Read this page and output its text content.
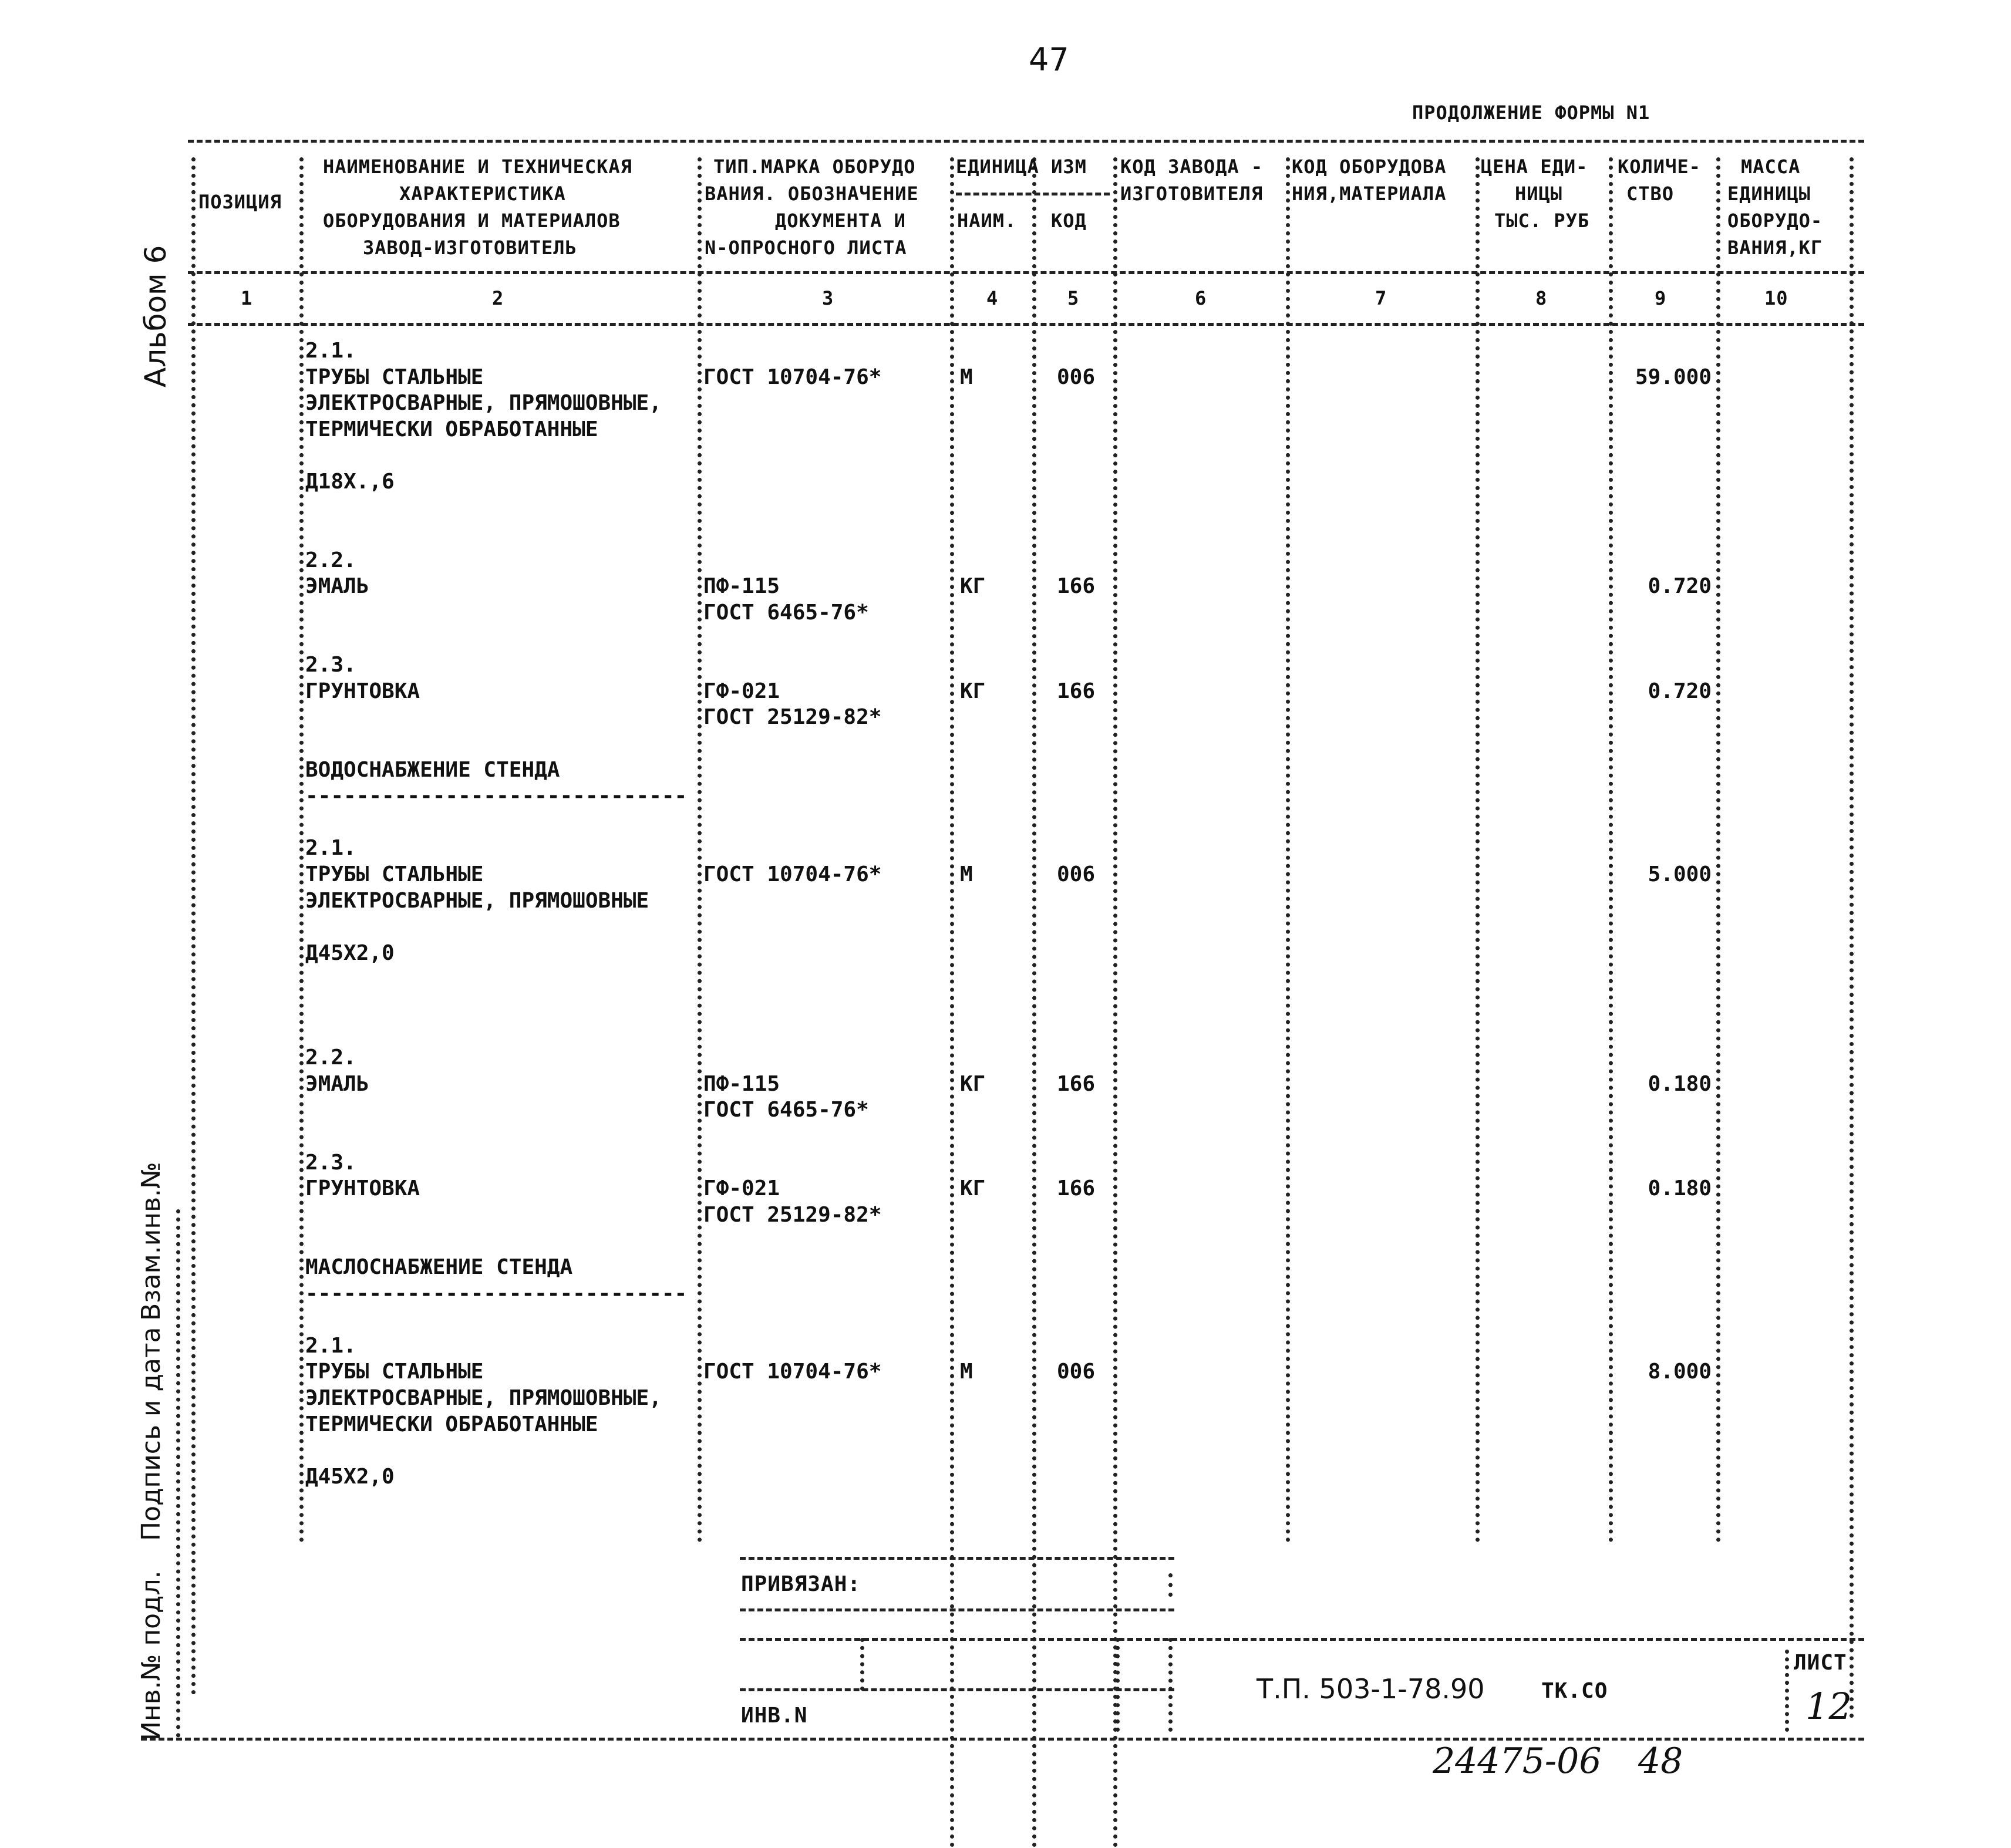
47
ПРОДОЛЖЕНИЕ ФОРМЫ N1
Альбом 6
Инв.№ подл.
Подпись и дата
Взам.инв.№
ПОЗИЦИЯ
НАИМЕНОВАНИЕ И ТЕХНИЧЕСКАЯ
ХАРАКТЕРИСТИКА
ОБОРУДОВАНИЯ И МАТЕРИАЛОВ
ЗАВОД-ИЗГОТОВИТЕЛЬ
ТИП.МАРКА ОБОРУДО
ВАНИЯ. ОБОЗНАЧЕНИЕ
ДОКУМЕНТА И
N-ОПРОСНОГО ЛИСТА
ЕДИНИЦА ИЗМ
НАИМ. КОД
КОД ЗАВОДА -
ИЗГОТОВИТЕЛЯ
КОД ОБОРУДОВА
НИЯ,МАТЕРИАЛА
ЦЕНА ЕДИ-
НИЦЫ
ТЫС. РУБ
КОЛИЧЕ-
СТВО
МАССА
ЕДИНИЦЫ
ОБОРУДО-
ВАНИЯ,КГ
1	2	3	4	5	6	7	8	9	10
2.1.
ТРУБЫ СТАЛЬНЫЕ	ГОСТ 10704-76*	М	006	59.000
ЭЛЕКТРОСВАРНЫЕ, ПРЯМОШОВНЫЕ,
ТЕРМИЧЕСКИ ОБРАБОТАННЫЕ
Д18Х.,6
2.2.
ЭМАЛЬ	ПФ-115	КГ	166	0.720
ГОСТ 6465-76*
2.3.
ГРУНТОВКА	ГФ-021	КГ	166	0.720
ГОСТ 25129-82*
ВОДОСНАБЖЕНИЕ СТЕНДА
------------------------------
2.1.
ТРУБЫ СТАЛЬНЫЕ	ГОСТ 10704-76*	М	006	5.000
ЭЛЕКТРОСВАРНЫЕ, ПРЯМОШОВНЫЕ
Д45Х2,0
2.2.
ЭМАЛЬ	ПФ-115	КГ	166	0.180
ГОСТ 6465-76*
2.3.
ГРУНТОВКА	ГФ-021	КГ	166	0.180
ГОСТ 25129-82*
МАСЛОСНАБЖЕНИЕ СТЕНДА
------------------------------
2.1.
ТРУБЫ СТАЛЬНЫЕ	ГОСТ 10704-76*	М	006	8.000
ЭЛЕКТРОСВАРНЫЕ, ПРЯМОШОВНЫЕ,
ТЕРМИЧЕСКИ ОБРАБОТАННЫЕ
Д45Х2,0
ПРИВЯЗАН:
ИНВ.N
Т.П. 503-1-78.90	ТК.СО
ЛИСТ
12
24475-06 48
